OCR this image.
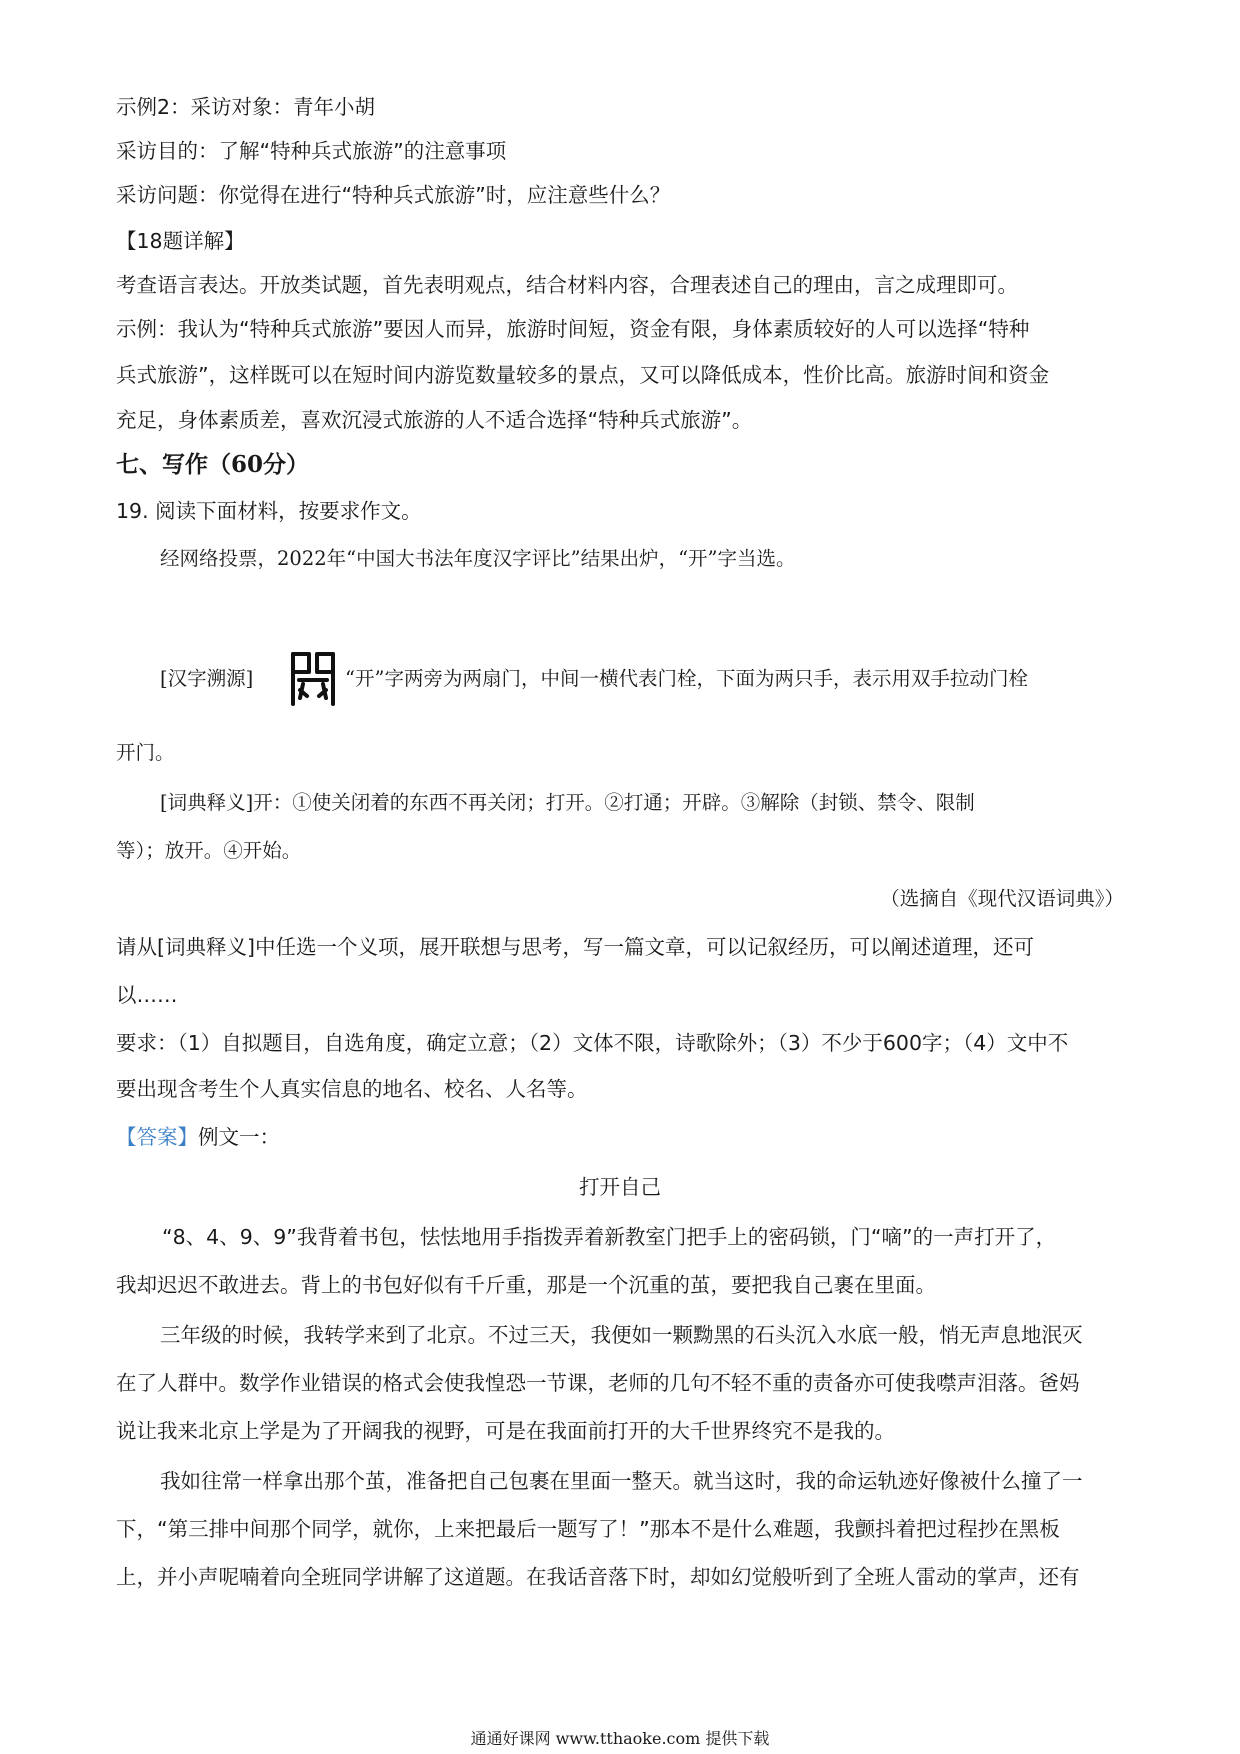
示例2：采访对象：青年小胡
采访目的：了解“特种兵式旅游”的注意事项
采访问题：你觉得在进行“特种兵式旅游”时，应注意些什么？
【18题详解】
考查语言表达。开放类试题，首先表明观点，结合材料内容，合理表述自己的理由，言之成理即可。
示例：我认为“特种兵式旅游”要因人而异，旅游时间短，资金有限，身体素质较好的人可以选择“特种
兵式旅游”，这样既可以在短时间内游览数量较多的景点，又可以降低成本，性价比高。旅游时间和资金
充足，身体素质差，喜欢沉浸式旅游的人不适合选择“特种兵式旅游”。
七、写作（60分）
19. 阅读下面材料，按要求作文。
经网络投票，2022年“中国大书法年度汉字评比”结果出炉，“开”字当选。
[汉字溯源]	“开”字两旁为两扇门，中间一横代表门栓，下面为两只手，表示用双手拉动门栓
开门。
[词典释义]开：①使关闭着的东西不再关闭；打开。②打通；开辟。③解除（封锁、禁令、限制
等）；放开。④开始。
（选摘自《现代汉语词典》）
请从[词典释义]中任选一个义项，展开联想与思考，写一篇文章，可以记叙经历，可以阐述道理，还可
以……
要求：（1）自拟题目，自选角度，确定立意；（2）文体不限，诗歌除外；（3）不少于600字；（4）文中不
要出现含考生个人真实信息的地名、校名、人名等。
【答案】例文一：
打开自己
“8、4、9、9”我背着书包，怯怯地用手指拨弄着新教室门把手上的密码锁，门“嘀”的一声打开了，
我却迟迟不敢进去。背上的书包好似有千斤重，那是一个沉重的茧，要把我自己裹在里面。
三年级的时候，我转学来到了北京。不过三天，我便如一颗黝黑的石头沉入水底一般，悄无声息地泯灭
在了人群中。数学作业错误的格式会使我惶恐一节课，老师的几句不轻不重的责备亦可使我噤声泪落。爸妈
说让我来北京上学是为了开阔我的视野，可是在我面前打开的大千世界终究不是我的。
我如往常一样拿出那个茧，准备把自己包裹在里面一整天。就当这时，我的命运轨迹好像被什么撞了一
下，“第三排中间那个同学，就你，上来把最后一题写了！”那本不是什么难题，我颤抖着把过程抄在黑板
上，并小声呢喃着向全班同学讲解了这道题。在我话音落下时，却如幻觉般听到了全班人雷动的掌声，还有
通通好课网 www.tthaoke.com 提供下载
